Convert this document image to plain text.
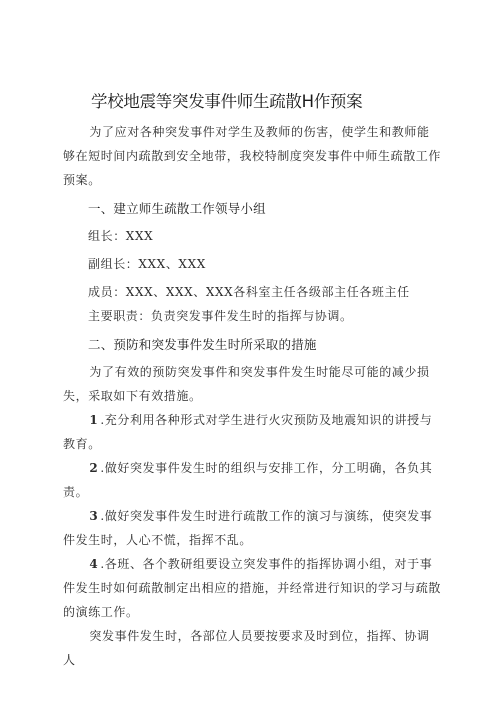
学校地震等突发事件师生疏散H作预案

为了应对各种突发事件对学生及教师的伤害，使学生和教师能够在短时间内疏散到安全地带，我校特制度突发事件中师生疏散工作预案。

一、建立师生疏散工作领导小组

组长：XXX

副组长：XXX、XXX

成员：XXX、XXX、XXX各科室主任各级部主任各班主任

主要职责：负责突发事件发生时的指挥与协调。

二、预防和突发事件发生时所采取的措施

为了有效的预防突发事件和突发事件发生时能尽可能的减少损失，采取如下有效措施。

1 .充分利用各种形式对学生进行火灾预防及地震知识的讲授与教育。

2 .做好突发事件发生时的组织与安排工作，分工明确，各负其责。

3 .做好突发事件发生时进行疏散工作的演习与演练，使突发事件发生时，人心不慌，指挥不乱。

4 .各班、各个教研组要设立突发事件的指挥协调小组，对于事件发生时如何疏散制定出相应的措施，并经常进行知识的学习与疏散的演练工作。

突发事件发生时，各部位人员要按要求及时到位，指挥、协调人
